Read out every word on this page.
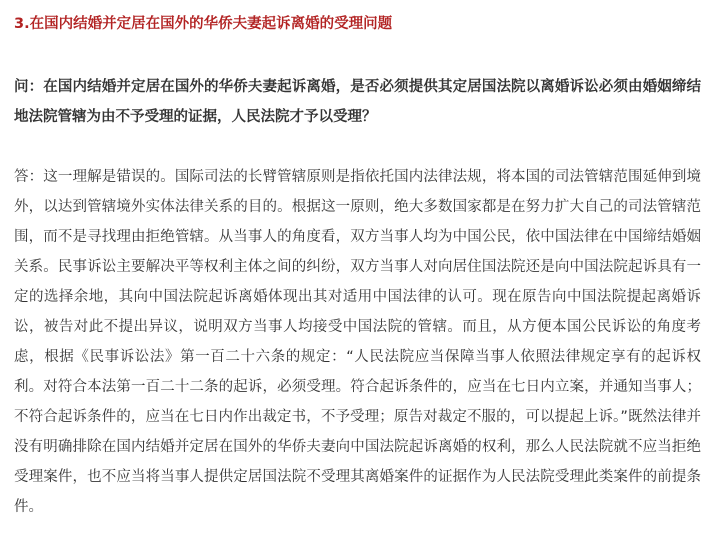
3.在国内结婚并定居在国外的华侨夫妻起诉离婚的受理问题

问：在国内结婚并定居在国外的华侨夫妻起诉离婚，是否必须提供其定居国法院以离婚诉讼必须由婚姻缔结地法院管辖为由不予受理的证据，人民法院才予以受理？

答：这一理解是错误的。国际司法的长臂管辖原则是指依托国内法律法规，将本国的司法管辖范围延伸到境外，以达到管辖境外实体法律关系的目的。根据这一原则，绝大多数国家都是在努力扩大自己的司法管辖范围，而不是寻找理由拒绝管辖。从当事人的角度看，双方当事人均为中国公民，依中国法律在中国缔结婚姻关系。民事诉讼主要解决平等权利主体之间的纠纷，双方当事人对向居住国法院还是向中国法院起诉具有一定的选择余地，其向中国法院起诉离婚体现出其对适用中国法律的认可。现在原告向中国法院提起离婚诉讼，被告对此不提出异议，说明双方当事人均接受中国法院的管辖。而且，从方便本国公民诉讼的角度考虑，根据《民事诉讼法》第一百二十六条的规定：“人民法院应当保障当事人依照法律规定享有的起诉权利。对符合本法第一百二十二条的起诉，必须受理。符合起诉条件的，应当在七日内立案，并通知当事人；不符合起诉条件的，应当在七日内作出裁定书，不予受理；原告对裁定不服的，可以提起上诉。”既然法律并没有明确排除在国内结婚并定居在国外的华侨夫妻向中国法院起诉离婚的权利，那么人民法院就不应当拒绝受理案件，也不应当将当事人提供定居国法院不受理其离婚案件的证据作为人民法院受理此类案件的前提条件。
